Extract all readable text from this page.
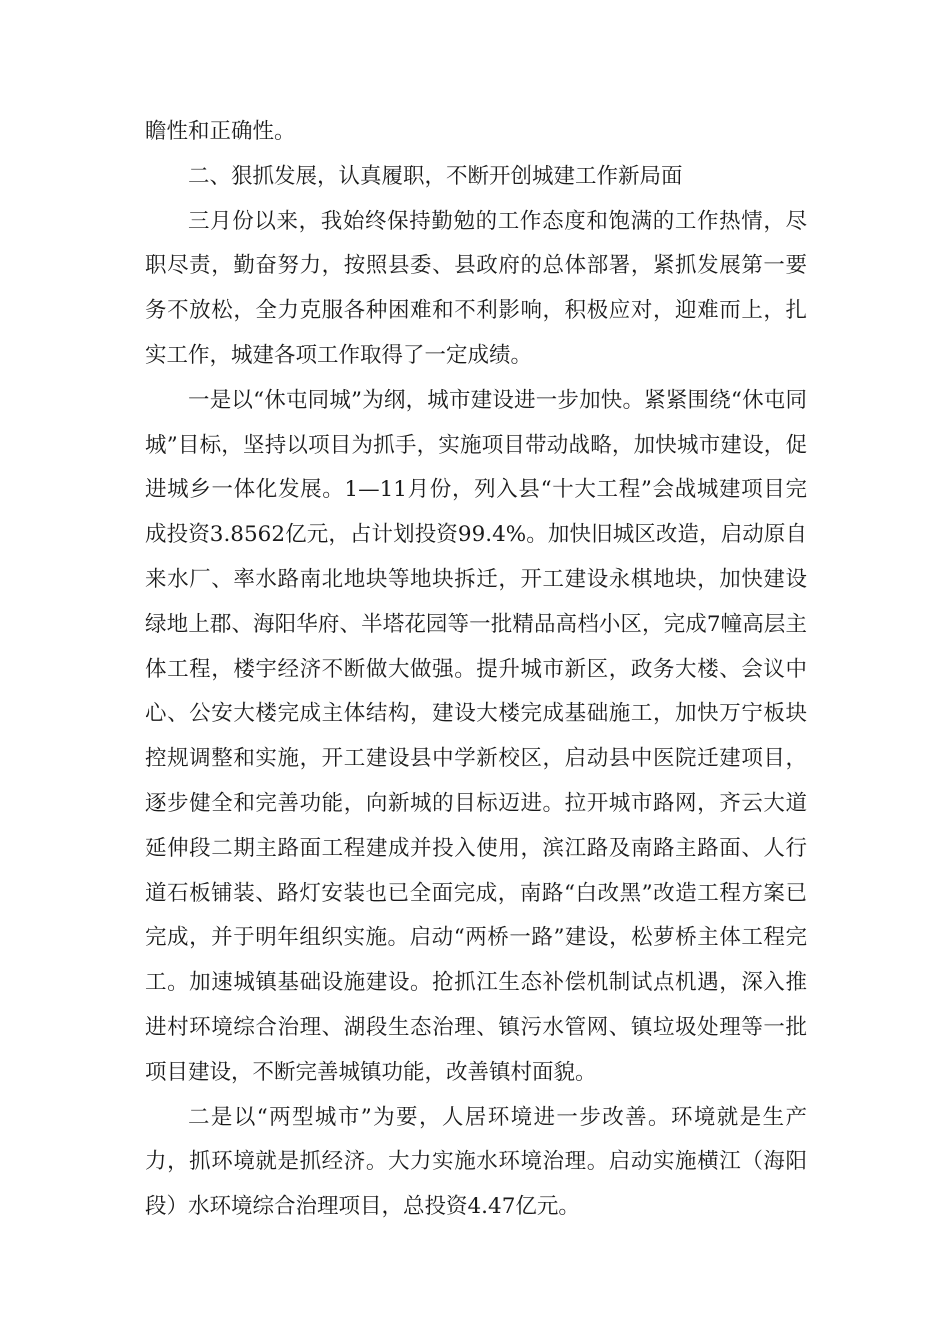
瞻性和正确性。

二、狠抓发展，认真履职，不断开创城建工作新局面

三月份以来，我始终保持勤勉的工作态度和饱满的工作热情，尽职尽责，勤奋努力，按照县委、县政府的总体部署，紧抓发展第一要务不放松，全力克服各种困难和不利影响，积极应对，迎难而上，扎实工作，城建各项工作取得了一定成绩。

一是以“休屯同城”为纲，城市建设进一步加快。紧紧围绕“休屯同城”目标，坚持以项目为抓手，实施项目带动战略，加快城市建设，促进城乡一体化发展。1—11月份，列入县“十大工程”会战城建项目完成投资3.8562亿元，占计划投资99.4%。加快旧城区改造，启动原自来水厂、率水路南北地块等地块拆迁，开工建设永棋地块，加快建设绿地上郡、海阳华府、半塔花园等一批精品高档小区，完成7幢高层主体工程，楼宇经济不断做大做强。提升城市新区，政务大楼、会议中心、公安大楼完成主体结构，建设大楼完成基础施工，加快万宁板块控规调整和实施，开工建设县中学新校区，启动县中医院迁建项目，逐步健全和完善功能，向新城的目标迈进。拉开城市路网，齐云大道延伸段二期主路面工程建成并投入使用，滨江路及南路主路面、人行道石板铺装、路灯安装也已全面完成，南路“白改黑”改造工程方案已完成，并于明年组织实施。启动“两桥一路”建设，松萝桥主体工程完工。加速城镇基础设施建设。抢抓江生态补偿机制试点机遇，深入推进村环境综合治理、湖段生态治理、镇污水管网、镇垃圾处理等一批项目建设，不断完善城镇功能，改善镇村面貌。

二是以“两型城市”为要，人居环境进一步改善。环境就是生产力，抓环境就是抓经济。大力实施水环境治理。启动实施横江（海阳段）水环境综合治理项目，总投资4.47亿元。
